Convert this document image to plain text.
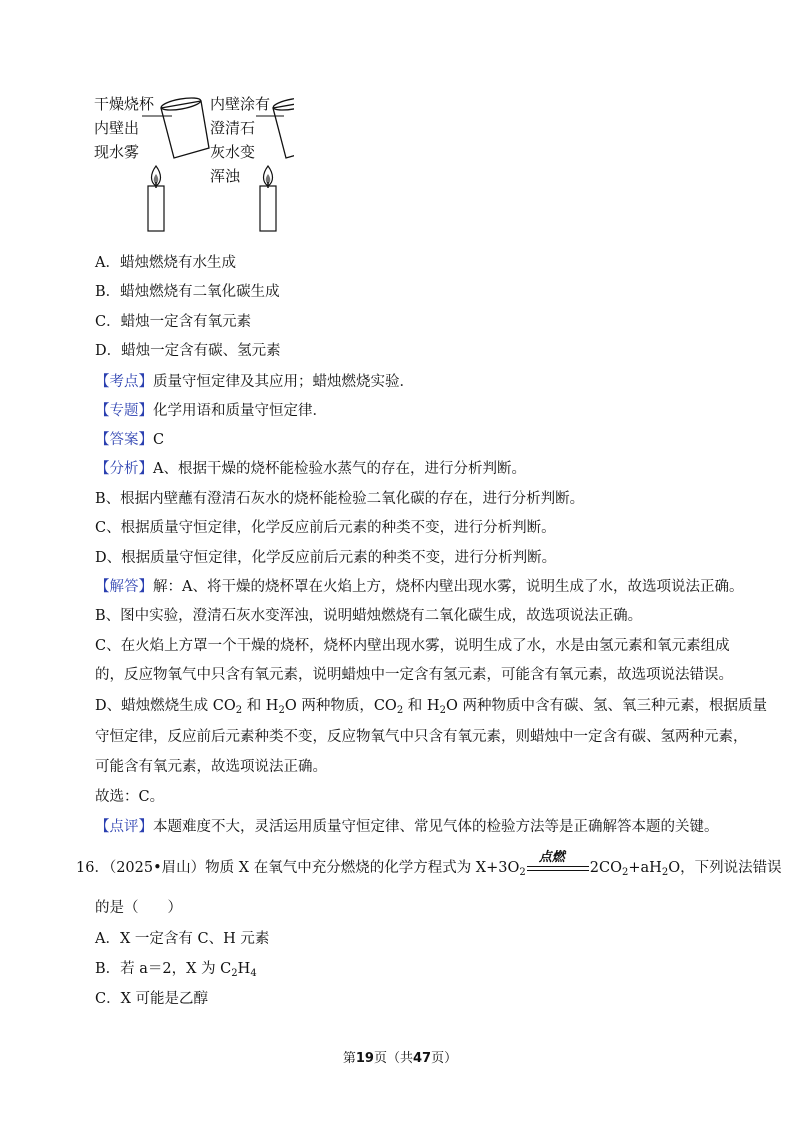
干燥烧杯
内壁出
现水雾
内壁涂有
澄清石
灰水变
浑浊
A．蜡烛燃烧有水生成
B．蜡烛燃烧有二氧化碳生成
C．蜡烛一定含有氧元素
D．蜡烛一定含有碳、氢元素
【考点】质量守恒定律及其应用；蜡烛燃烧实验．
【专题】化学用语和质量守恒定律．
【答案】C
【分析】A、根据干燥的烧杯能检验水蒸气的存在，进行分析判断。
B、根据内壁蘸有澄清石灰水的烧杯能检验二氧化碳的存在，进行分析判断。
C、根据质量守恒定律，化学反应前后元素的种类不变，进行分析判断。
D、根据质量守恒定律，化学反应前后元素的种类不变，进行分析判断。
【解答】解：A、将干燥的烧杯罩在火焰上方，烧杯内壁出现水雾，说明生成了水，故选项说法正确。
B、图中实验，澄清石灰水变浑浊，说明蜡烛燃烧有二氧化碳生成，故选项说法正确。
C、在火焰上方罩一个干燥的烧杯，烧杯内壁出现水雾，说明生成了水，水是由氢元素和氧元素组成
的，反应物氧气中只含有氧元素，说明蜡烛中一定含有氢元素，可能含有氧元素，故选项说法错误。
D、蜡烛燃烧生成 $CO_2$ 和 $H_2O$ 两种物质，$CO_2$ 和 $H_2O$ 两种物质中含有碳、氢、氧三种元素，根据质量
守恒定律，反应前后元素种类不变，反应物氧气中只含有氧元素，则蜡烛中一定含有碳、氢两种元素，
可能含有氧元素，故选项说法正确。
故选：C。
【点评】本题难度不大，灵活运用质量守恒定律、常见气体的检验方法等是正确解答本题的关键。
16．（2025•眉山）物质 X 在氧气中充分燃烧的化学方程式为 $X+3O_2$
点燃
$2CO_2+aH_2O$，下列说法错误
的是（　　）
A．X 一定含有 C、H 元素
B．若 a＝2，X 为 $C_2H_4$
C．X 可能是乙醇
第19页（共47页）
